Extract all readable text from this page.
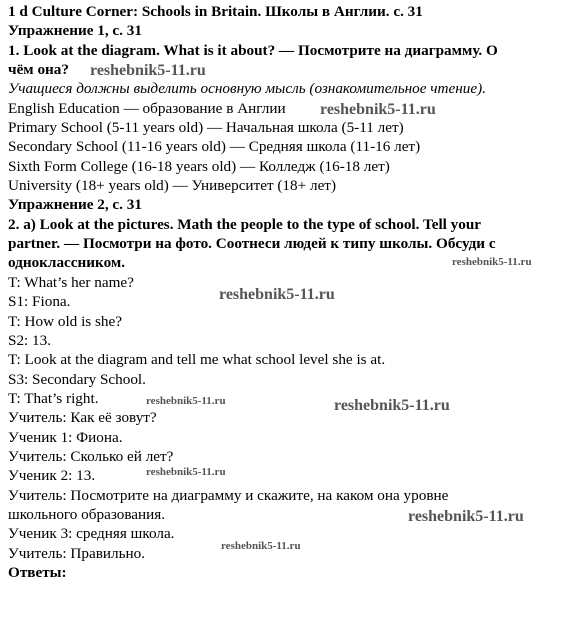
1 d Culture Corner: Schools in Britain. Школы в Англии. с. 31
Упражнение 1, с. 31
1. Look at the diagram. What is it about? — Посмотрите на диаграмму. О
чём она?
Учащиеся должны выделить основную мысль (ознакомительное чтение).
English Education — образование в Англии
Primary School (5-11 years old) — Начальная школа (5-11 лет)
Secondary School (11-16 years old) — Средняя школа (11-16 лет)
Sixth Form College (16-18 years old) — Колледж (16-18 лет)
University (18+ years old) — Университет (18+ лет)
Упражнение 2, с. 31
2. a) Look at the pictures. Math the people to the type of school. Tell your
partner. — Посмотри на фото. Соотнеси людей к типу школы. Обсуди с
одноклассником.
T: What’s her name?
S1: Fiona.
T: How old is she?
S2: 13.
T: Look at the diagram and tell me what school level she is at.
S3: Secondary School.
T: That’s right.
Учитель: Как её зовут?
Ученик 1: Фиона.
Учитель: Сколько ей лет?
Ученик 2: 13.
Учитель: Посмотрите на диаграмму и скажите, на каком она уровне
школьного образования.
Ученик 3: средняя школа.
Учитель: Правильно.
Ответы:
reshebnik5-11.ru
reshebnik5-11.ru
reshebnik5-11.ru
reshebnik5-11.ru
reshebnik5-11.ru	reshebnik5-11.ru
reshebnik5-11.ru
reshebnik5-11.ru
reshebnik5-11.ru
